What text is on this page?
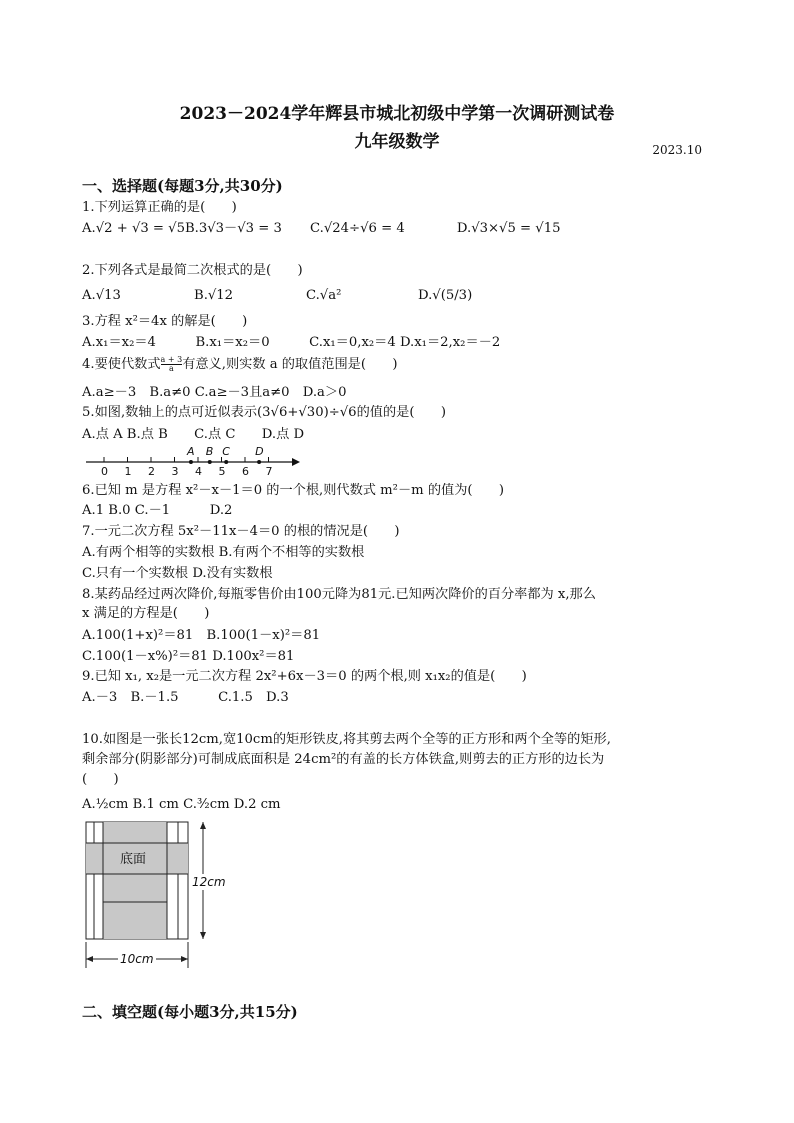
2023－2024学年辉县市城北初级中学第一次调研测试卷
九年级数学	2023.10
一、选择题(每题3分,共30分)
1.下列运算正确的是(　　)
A.√2 + √3 = √5B.3√3－√3 = 3 C.√24÷√6 = 4	D.√3×√5 = √15
2.下列各式是最简二次根式的是(　　)
A.√13	B.√12	C.√a²	D.√(5/3)
3.方程 x²＝4x 的解是(　　)
A.x₁＝x₂＝4　　　B.x₁＝x₂＝0　　　C.x₁＝0,x₂＝4 D.x₁＝2,x₂＝－2
4.要使代数式 $\frac{a + 3}{a}$ 有意义,则实数 a 的取值范围是(　　)
A.a≥－3　B.a≠0 C.a≥－3且a≠0　D.a＞0
5.如图,数轴上的点可近似表示(3√6+√30)÷√6的值的是(　　)
A.点 A B.点 B　　C.点 C　　D.点 D
0 1 2 3 4 5 6 7
A B C D
6.已知 m 是方程 x²－x－1＝0 的一个根,则代数式 m²－m 的值为(　　)
A.1 B.0 C.－1　　　D.2
7.一元二次方程 5x²－11x－4＝0 的根的情况是(　　)
A.有两个相等的实数根 B.有两个不相等的实数根
C.只有一个实数根 D.没有实数根
8.某药品经过两次降价,每瓶零售价由100元降为81元.已知两次降价的百分率都为 x,那么
x 满足的方程是(　　)
A.100(1+x)²＝81　B.100(1－x)²＝81
C.100(1－x%)²＝81 D.100x²＝81
9.已知 x₁, x₂是一元二次方程 2x²+6x－3＝0 的两个根,则 x₁x₂的值是(　　)
A.－3　B.－1.5　　　C.1.5　D.3
10.如图是一张长12cm,宽10cm的矩形铁皮,将其剪去两个全等的正方形和两个全等的矩形,
剩余部分(阴影部分)可制成底面积是 24cm²的有盖的长方体铁盒,则剪去的正方形的边长为
(　　)
A.½cm B.1 cm C.³⁄₂cm D.2 cm
底面
12cm
10cm
二、填空题(每小题3分,共15分)
